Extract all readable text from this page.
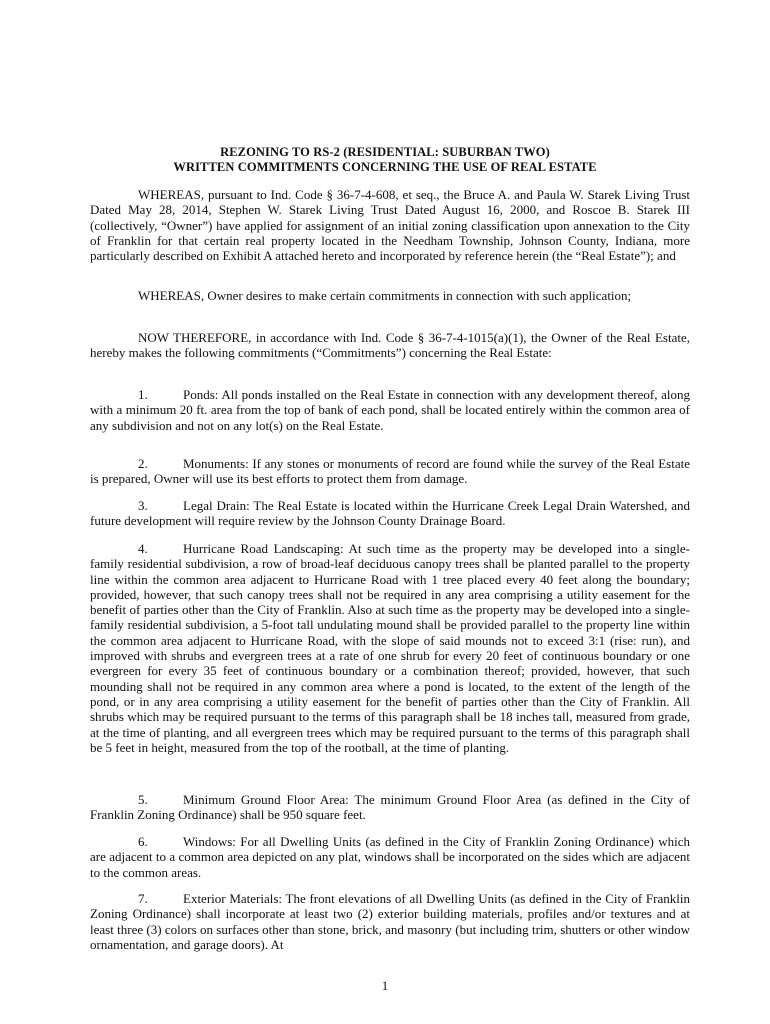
REZONING TO RS-2 (RESIDENTIAL: SUBURBAN TWO)
WRITTEN COMMITMENTS CONCERNING THE USE OF REAL ESTATE
WHEREAS, pursuant to Ind. Code § 36-7-4-608, et seq., the Bruce A. and Paula W. Starek Living Trust Dated May 28, 2014, Stephen W. Starek Living Trust Dated August 16, 2000, and Roscoe B. Starek III (collectively, “Owner”) have applied for assignment of an initial zoning classification upon annexation to the City of Franklin for that certain real property located in the Needham Township, Johnson County, Indiana, more particularly described on Exhibit A attached hereto and incorporated by reference herein (the “Real Estate”); and
WHEREAS, Owner desires to make certain commitments in connection with such application;
NOW THEREFORE, in accordance with Ind. Code § 36-7-4-1015(a)(1), the Owner of the Real Estate, hereby makes the following commitments (“Commitments”) concerning the Real Estate:
1.	Ponds: All ponds installed on the Real Estate in connection with any development thereof, along with a minimum 20 ft. area from the top of bank of each pond, shall be located entirely within the common area of any subdivision and not on any lot(s) on the Real Estate.
2.	Monuments: If any stones or monuments of record are found while the survey of the Real Estate is prepared, Owner will use its best efforts to protect them from damage.
3.	Legal Drain: The Real Estate is located within the Hurricane Creek Legal Drain Watershed, and future development will require review by the Johnson County Drainage Board.
4.	Hurricane Road Landscaping: At such time as the property may be developed into a single-family residential subdivision, a row of broad-leaf deciduous canopy trees shall be planted parallel to the property line within the common area adjacent to Hurricane Road with 1 tree placed every 40 feet along the boundary; provided, however, that such canopy trees shall not be required in any area comprising a utility easement for the benefit of parties other than the City of Franklin. Also at such time as the property may be developed into a single-family residential subdivision, a 5-foot tall undulating mound shall be provided parallel to the property line within the common area adjacent to Hurricane Road, with the slope of said mounds not to exceed 3:1 (rise: run), and improved with shrubs and evergreen trees at a rate of one shrub for every 20 feet of continuous boundary or one evergreen for every 35 feet of continuous boundary or a combination thereof; provided, however, that such mounding shall not be required in any common area where a pond is located, to the extent of the length of the pond, or in any area comprising a utility easement for the benefit of parties other than the City of Franklin. All shrubs which may be required pursuant to the terms of this paragraph shall be 18 inches tall, measured from grade, at the time of planting, and all evergreen trees which may be required pursuant to the terms of this paragraph shall be 5 feet in height, measured from the top of the rootball, at the time of planting.
5.	Minimum Ground Floor Area: The minimum Ground Floor Area (as defined in the City of Franklin Zoning Ordinance) shall be 950 square feet.
6.	Windows: For all Dwelling Units (as defined in the City of Franklin Zoning Ordinance) which are adjacent to a common area depicted on any plat, windows shall be incorporated on the sides which are adjacent to the common areas.
7.	Exterior Materials: The front elevations of all Dwelling Units (as defined in the City of Franklin Zoning Ordinance) shall incorporate at least two (2) exterior building materials, profiles and/or textures and at least three (3) colors on surfaces other than stone, brick, and masonry (but including trim, shutters or other window ornamentation, and garage doors). At
1
